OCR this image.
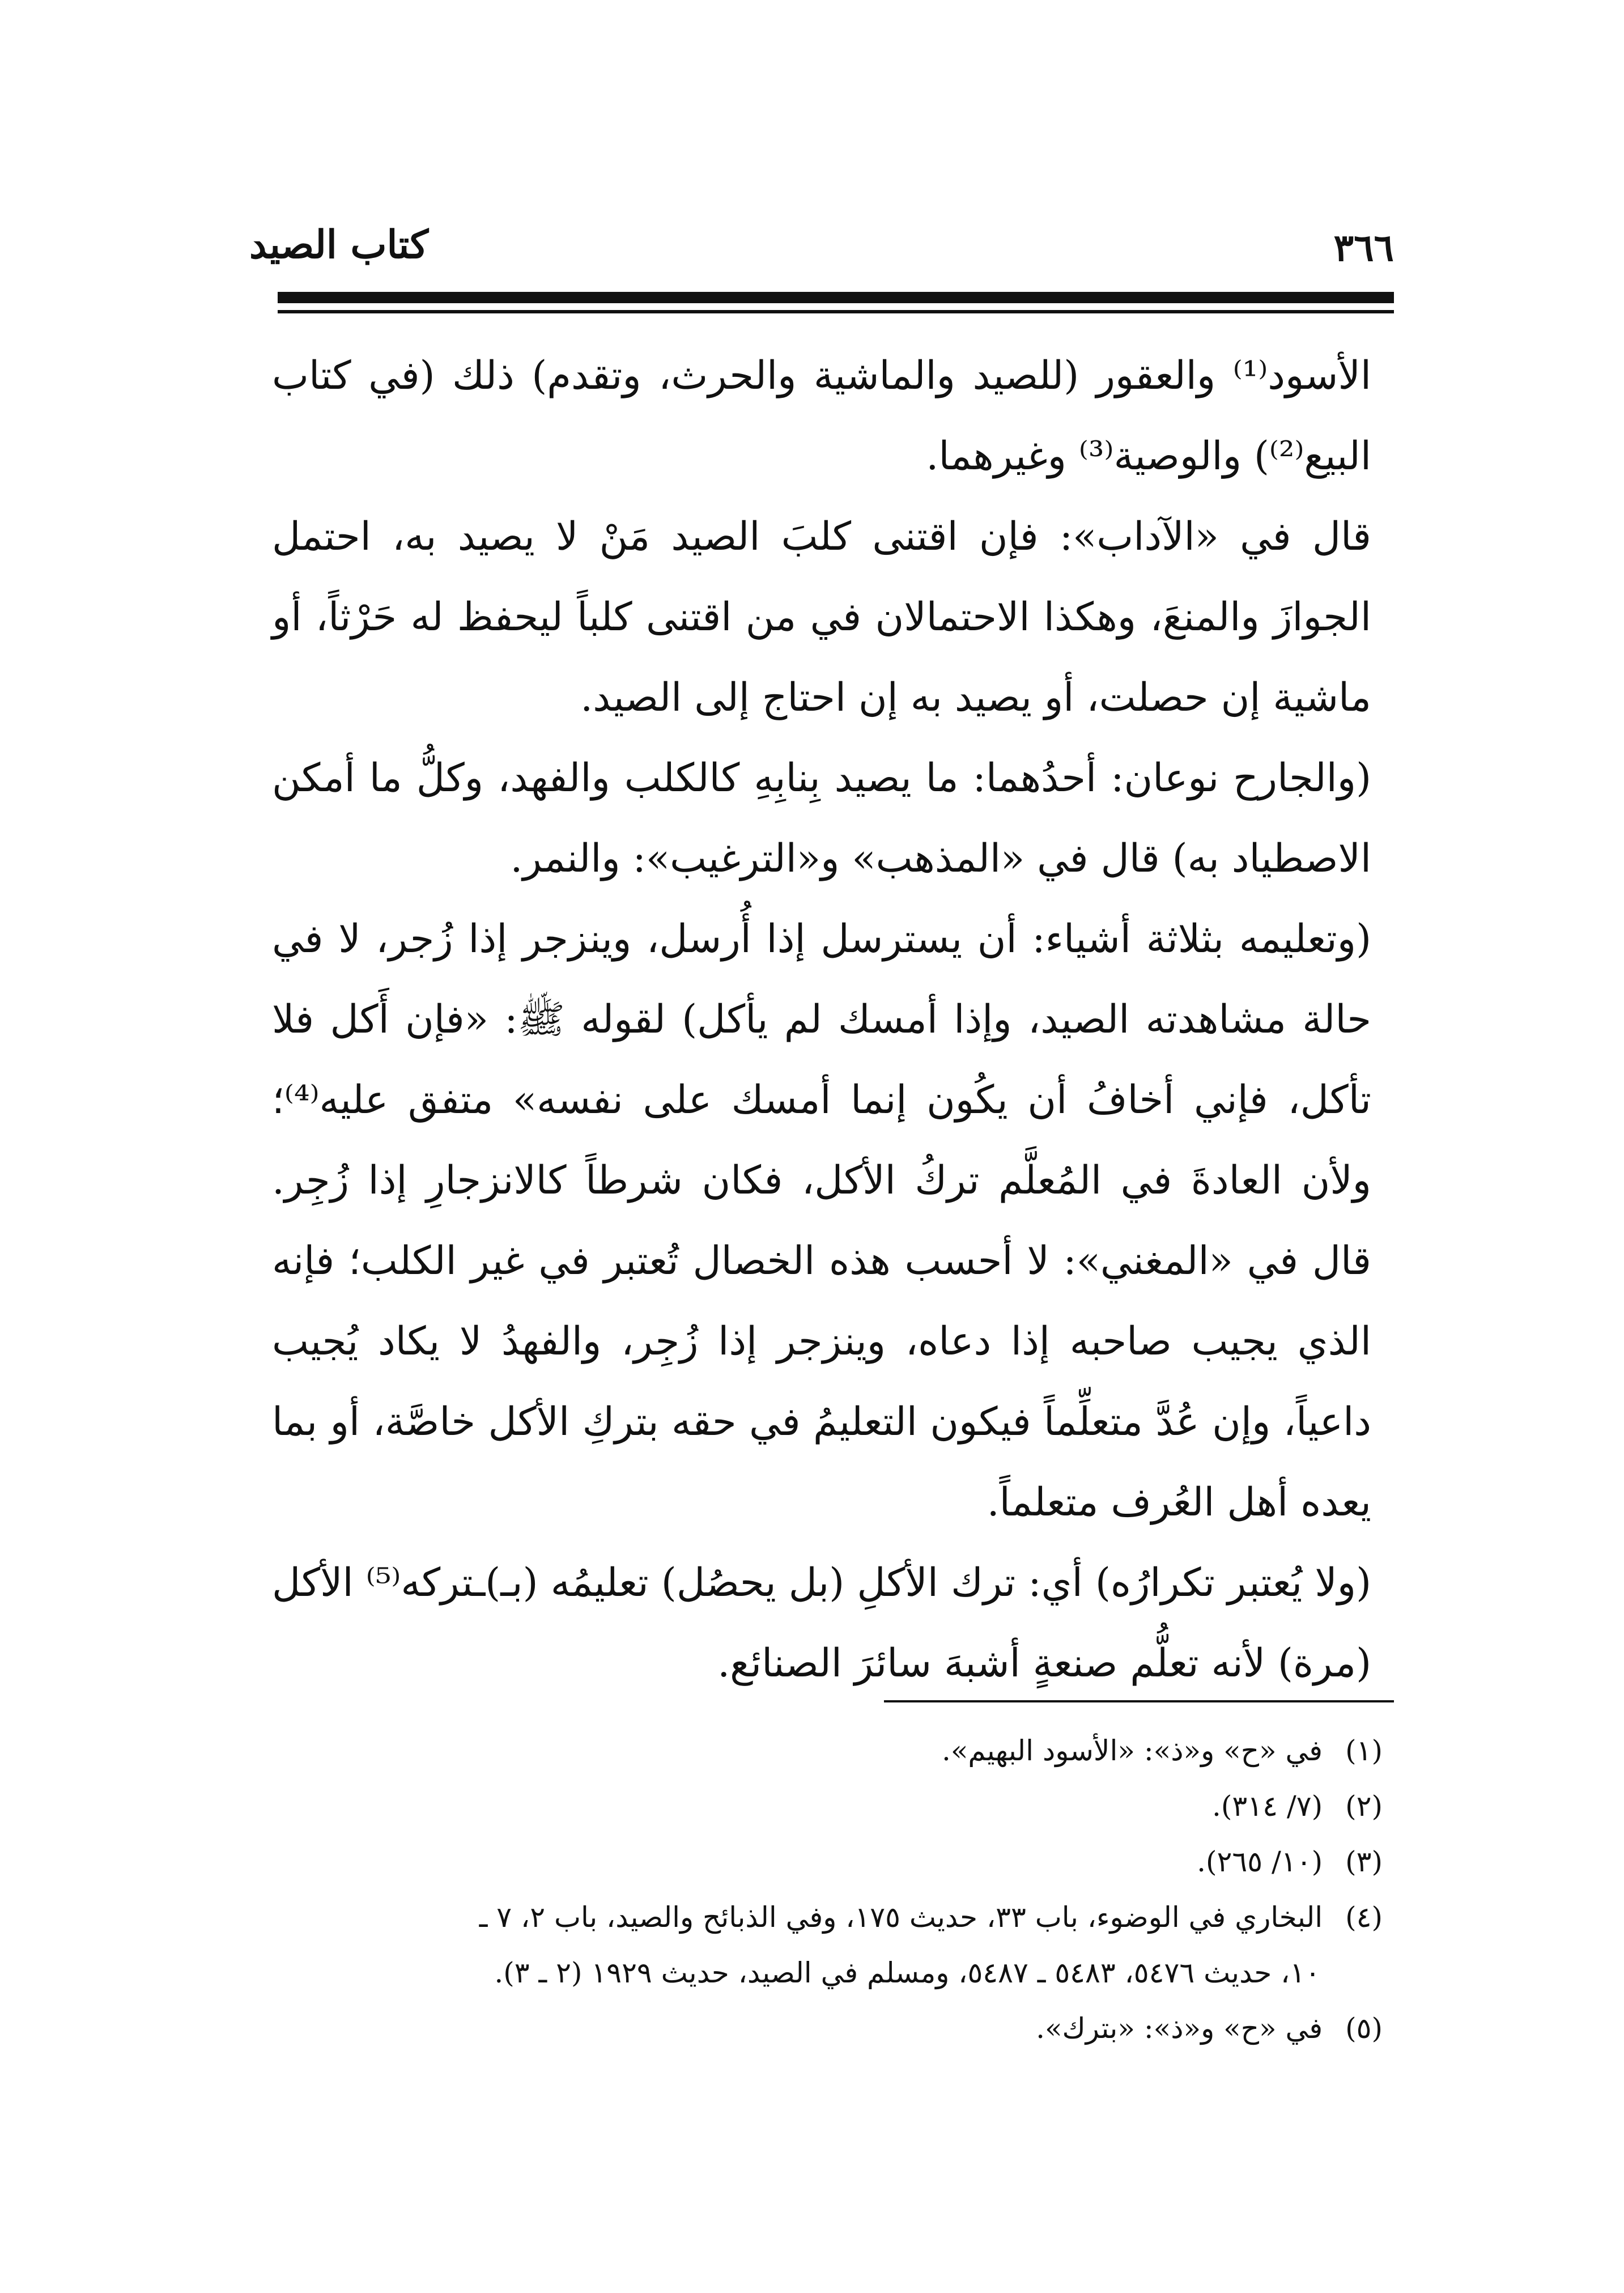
كتاب الصيد	٣٦٦

الأسود⁽¹⁾ والعقور (للصيد والماشية والحرث، وتقدم) ذلك (في كتاب البيع⁽²⁾) والوصية⁽³⁾ وغيرهما.

قال في «الآداب»: فإن اقتنى كلبَ الصيد مَنْ لا يصيد به، احتمل الجوازَ والمنعَ، وهكذا الاحتمالان في من اقتنى كلباً ليحفظ له حَرْثاً، أو ماشية إن حصلت، أو يصيد به إن احتاج إلى الصيد.

(والجارح نوعان: أحدُهما: ما يصيد بِنابِهِ كالكلب والفهد، وكلُّ ما أمكن الاصطياد به) قال في «المذهب» و«الترغيب»: والنمر.

(وتعليمه بثلاثة أشياء: أن يسترسل إذا أُرسل، وينزجر إذا زُجر، لا في حالة مشاهدته الصيد، وإذا أمسك لم يأكل) لقوله ﷺ: «فإن أَكل فلا تأكل، فإني أخافُ أن يكُون إنما أمسك على نفسه» متفق عليه⁽⁴⁾؛ ولأن العادةَ في المُعلَّم تركُ الأكل، فكان شرطاً كالانزجارِ إذا زُجِر. قال في «المغني»: لا أحسب هذه الخصال تُعتبر في غير الكلب؛ فإنه الذي يجيب صاحبه إذا دعاه، وينزجر إذا زُجِر، والفهدُ لا يكاد يُجيب داعياً، وإن عُدَّ متعلِّماً فيكون التعليمُ في حقه بتركِ الأكل خاصَّة، أو بما يعده أهل العُرف متعلماً.

(ولا يُعتبر تكرارُه) أي: ترك الأكلِ (بل يحصُل) تعليمُه (بـ)ـتركه⁽⁵⁾ الأكل (مرة) لأنه تعلُّم صنعةٍ أشبهَ سائرَ الصنائع.

(١) في «ح» و«ذ»: «الأسود البهيم».

(٢) (٧/ ٣١٤).

(٣) (١٠/ ٢٦٥).

(٤) البخاري في الوضوء، باب ٣٣، حديث ١٧٥، وفي الذبائح والصيد، باب ٢، ٧ ـ

١٠، حديث ٥٤٧٦، ٥٤٨٣ ـ ٥٤٨٧، ومسلم في الصيد، حديث ١٩٢٩ (٢ ـ ٣).

(٥) في «ح» و«ذ»: «بترك».
